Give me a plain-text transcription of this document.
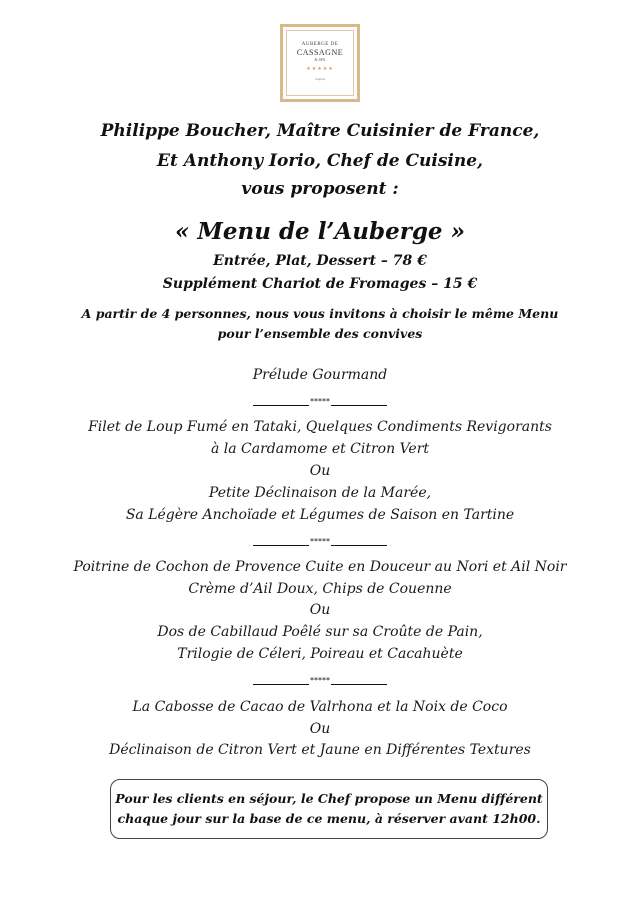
AUBERGE DE
CASSAGNE
& SPA
★★★★★
avignon
Philippe Boucher, Maître Cuisinier de France,
Et Anthony Iorio, Chef de Cuisine,
vous proposent :
« Menu de l’Auberge »
Entrée, Plat, Dessert – 78 €
Supplément Chariot de Fromages – 15 €
A partir de 4 personnes, nous vous invitons à choisir le même Menu
pour l’ensemble des convives
Prélude Gourmand
*****
Filet de Loup Fumé en Tataki, Quelques Condiments Revigorants
à la Cardamome et Citron Vert
Ou
Petite Déclinaison de la Marée,
Sa Légère Anchoïade et Légumes de Saison en Tartine
*****
Poitrine de Cochon de Provence Cuite en Douceur au Nori et Ail Noir
Crème d’Ail Doux, Chips de Couenne
Ou
Dos de Cabillaud Poêlé sur sa Croûte de Pain,
Trilogie de Céleri, Poireau et Cacahuète
*****
La Cabosse de Cacao de Valrhona et la Noix de Coco
Ou
Déclinaison de Citron Vert et Jaune en Différentes Textures
Pour les clients en séjour, le Chef propose un Menu différent
chaque jour sur la base de ce menu, à réserver avant 12h00.
